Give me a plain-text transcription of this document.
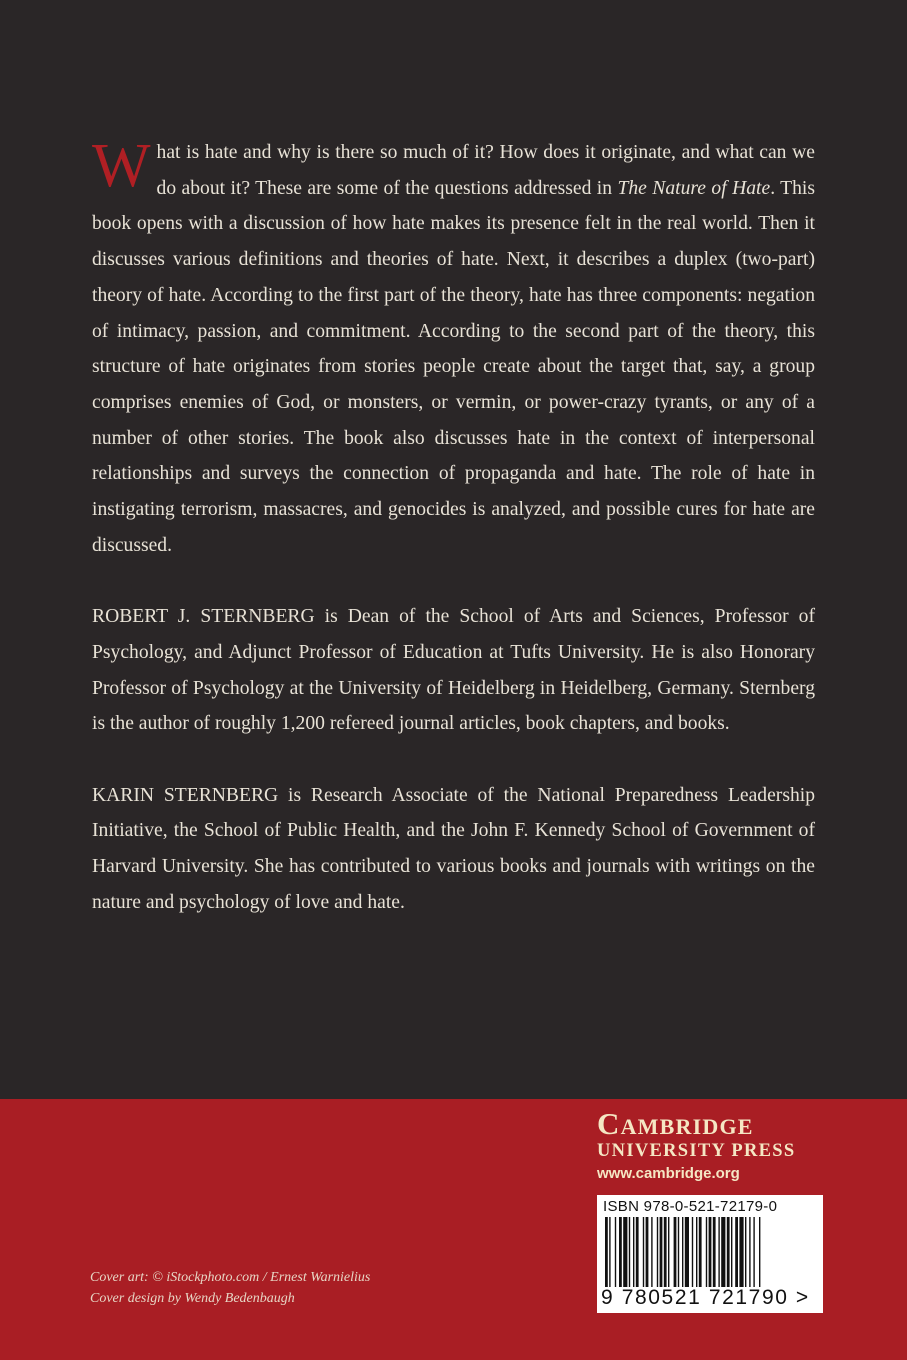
What is hate and why is there so much of it? How does it originate, and what can we do about it? These are some of the questions addressed in The Nature of Hate. This book opens with a discussion of how hate makes its presence felt in the real world. Then it discusses various definitions and theories of hate. Next, it describes a duplex (two-part) theory of hate. According to the first part of the theory, hate has three components: negation of intimacy, passion, and commitment. According to the second part of the theory, this structure of hate originates from stories people create about the target that, say, a group comprises enemies of God, or monsters, or vermin, or power-crazy tyrants, or any of a number of other stories. The book also discusses hate in the context of interpersonal relationships and surveys the connection of propaganda and hate. The role of hate in instigating terrorism, massacres, and genocides is analyzed, and possible cures for hate are discussed.

ROBERT J. STERNBERG is Dean of the School of Arts and Sciences, Professor of Psychology, and Adjunct Professor of Education at Tufts University. He is also Honorary Professor of Psychology at the University of Heidelberg in Heidelberg, Germany. Sternberg is the author of roughly 1,200 refereed journal articles, book chapters, and books.

KARIN STERNBERG is Research Associate of the National Preparedness Leadership Initiative, the School of Public Health, and the John F. Kennedy School of Government of Harvard University. She has contributed to various books and journals with writings on the nature and psychology of love and hate.

Cover art: © iStockphoto.com / Ernest Warnielius
Cover design by Wendy Bedenbaugh
Cambridge
UNIVERSITY PRESS
www.cambridge.org
ISBN 978-0-521-72179-0
9 780521 721790 >
